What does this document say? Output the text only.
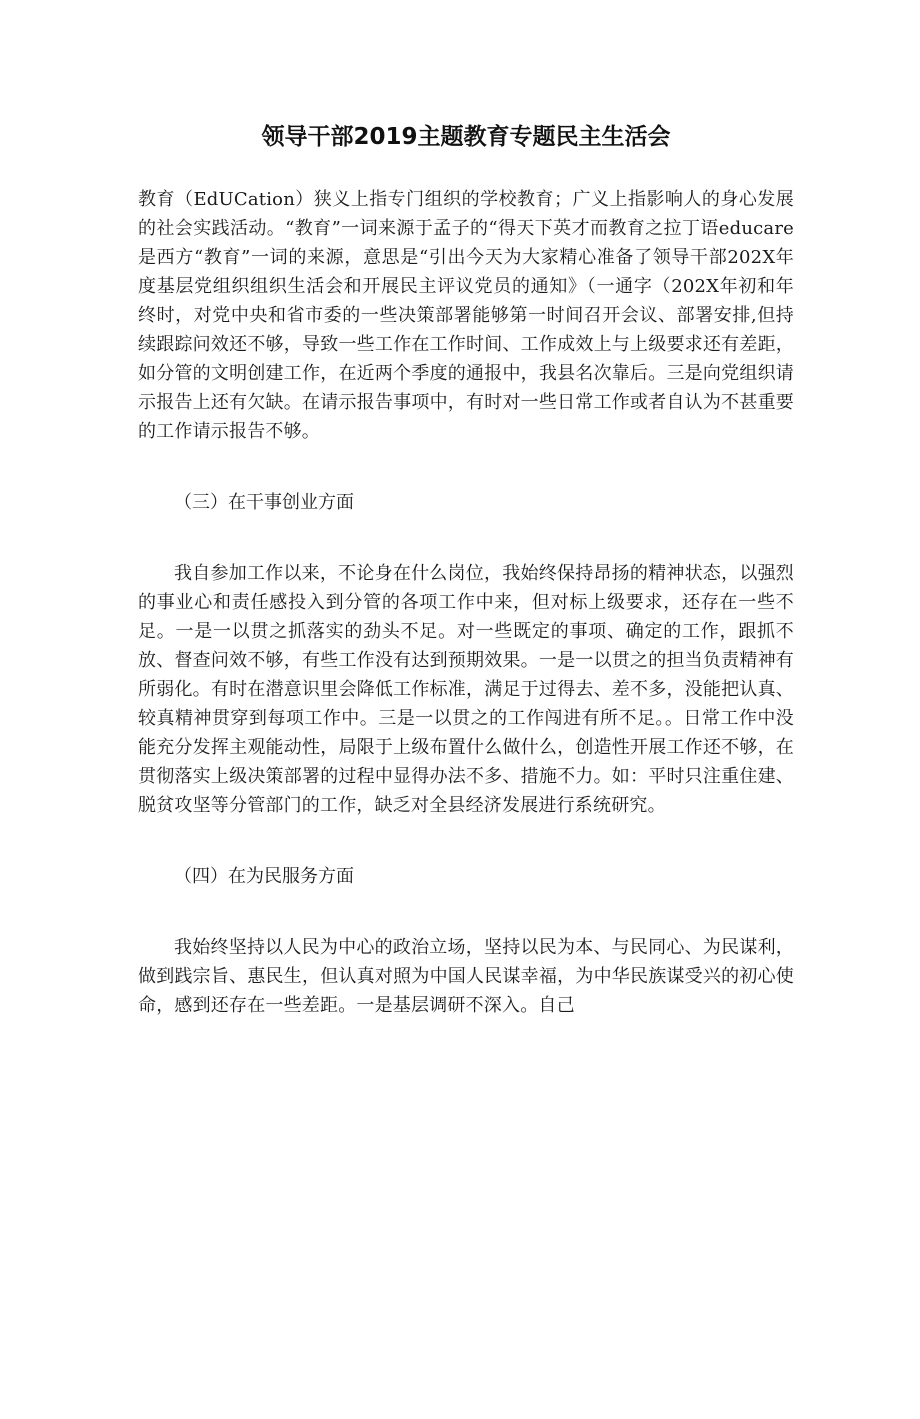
领导干部2019主题教育专题民主生活会

教育（EdUCation）狭义上指专门组织的学校教育；广义上指影响人的身心发展的社会实践活动。“教育”一词来源于孟子的“得天下英才而教育之拉丁语educare是西方“教育”一词的来源，意思是“引出今天为大家精心准备了领导干部202X年度基层党组织组织生活会和开展民主评议党员的通知》（一通字（202X年初和年终时，对党中央和省市委的一些决策部署能够第一时间召开会议、部署安排,但持续跟踪问效还不够，导致一些工作在工作时间、工作成效上与上级要求还有差距，如分管的文明创建工作，在近两个季度的通报中，我县名次靠后。三是向党组织请示报告上还有欠缺。在请示报告事项中，有时对一些日常工作或者自认为不甚重要的工作请示报告不够。

（三）在干事创业方面

我自参加工作以来，不论身在什么岗位，我始终保持昂扬的精神状态，以强烈的事业心和责任感投入到分管的各项工作中来，但对标上级要求，还存在一些不足。一是一以贯之抓落实的劲头不足。对一些既定的事项、确定的工作，跟抓不放、督查问效不够，有些工作没有达到预期效果。一是一以贯之的担当负责精神有所弱化。有时在潜意识里会降低工作标准，满足于过得去、差不多，没能把认真、较真精神贯穿到每项工作中。三是一以贯之的工作闯进有所不足。。日常工作中没能充分发挥主观能动性，局限于上级布置什么做什么，创造性开展工作还不够，在贯彻落实上级决策部署的过程中显得办法不多、措施不力。如：平时只注重住建、脱贫攻坚等分管部门的工作，缺乏对全县经济发展进行系统研究。

（四）在为民服务方面

我始终坚持以人民为中心的政治立场，坚持以民为本、与民同心、为民谋利，做到践宗旨、惠民生，但认真对照为中国人民谋幸福，为中华民族谋受兴的初心使命，感到还存在一些差距。一是基层调研不深入。自己
